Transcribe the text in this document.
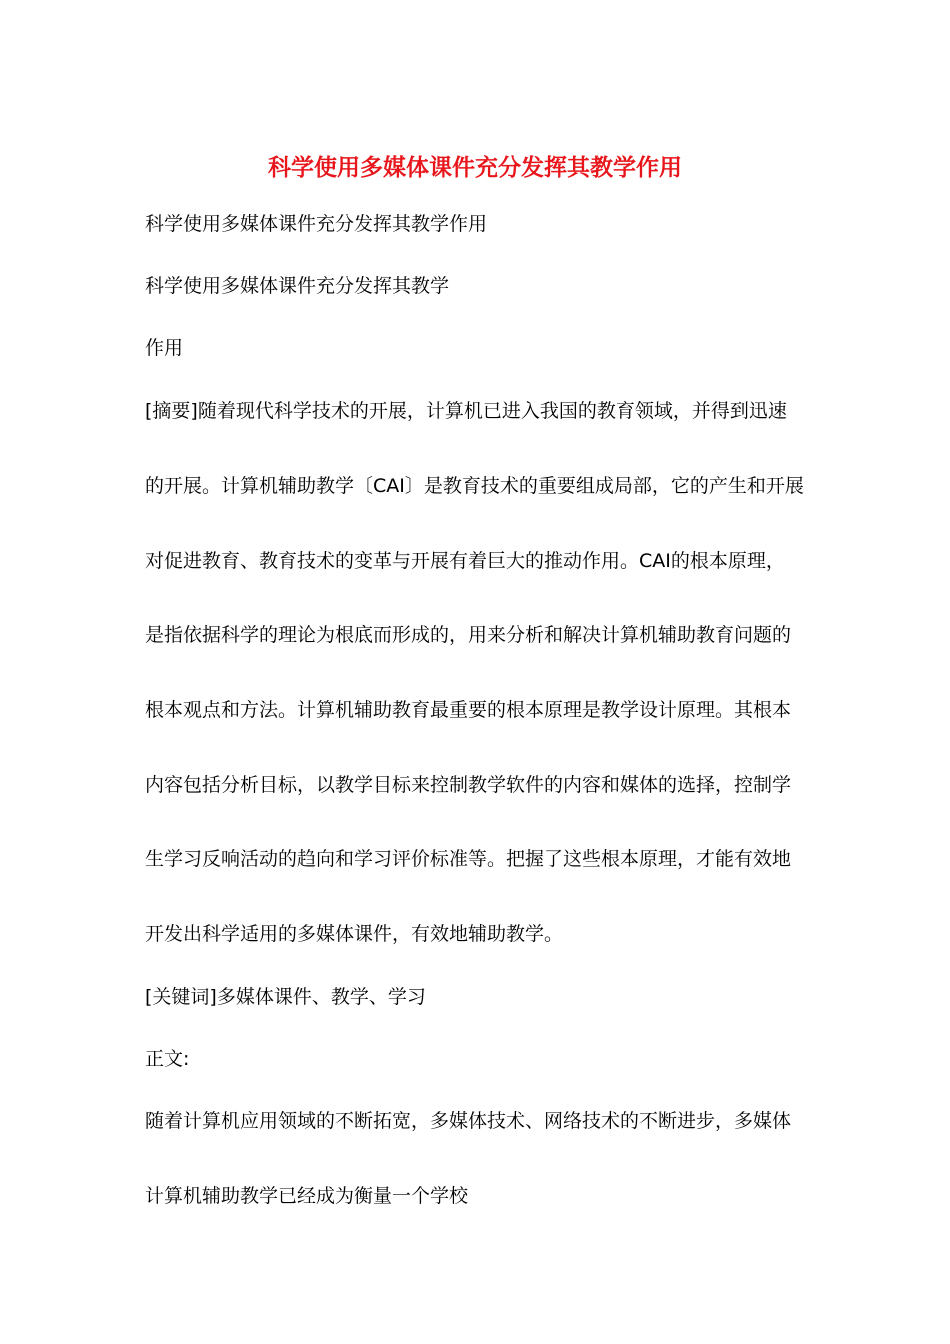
科学使用多媒体课件充分发挥其教学作用
科学使用多媒体课件充分发挥其教学作用
科学使用多媒体课件充分发挥其教学
作用
[摘要]随着现代科学技术的开展，计算机已进入我国的教育领域，并得到迅速
的开展。计算机辅助教学〔CAI〕是教育技术的重要组成局部，它的产生和开展
对促进教育、教育技术的变革与开展有着巨大的推动作用。CAI的根本原理，
是指依据科学的理论为根底而形成的，用来分析和解决计算机辅助教育问题的
根本观点和方法。计算机辅助教育最重要的根本原理是教学设计原理。其根本
内容包括分析目标，以教学目标来控制教学软件的内容和媒体的选择，控制学
生学习反响活动的趋向和学习评价标准等。把握了这些根本原理，才能有效地
开发出科学适用的多媒体课件，有效地辅助教学。
[关键词]多媒体课件、教学、学习
正文:
随着计算机应用领域的不断拓宽，多媒体技术、网络技术的不断进步，多媒体
计算机辅助教学已经成为衡量一个学校
